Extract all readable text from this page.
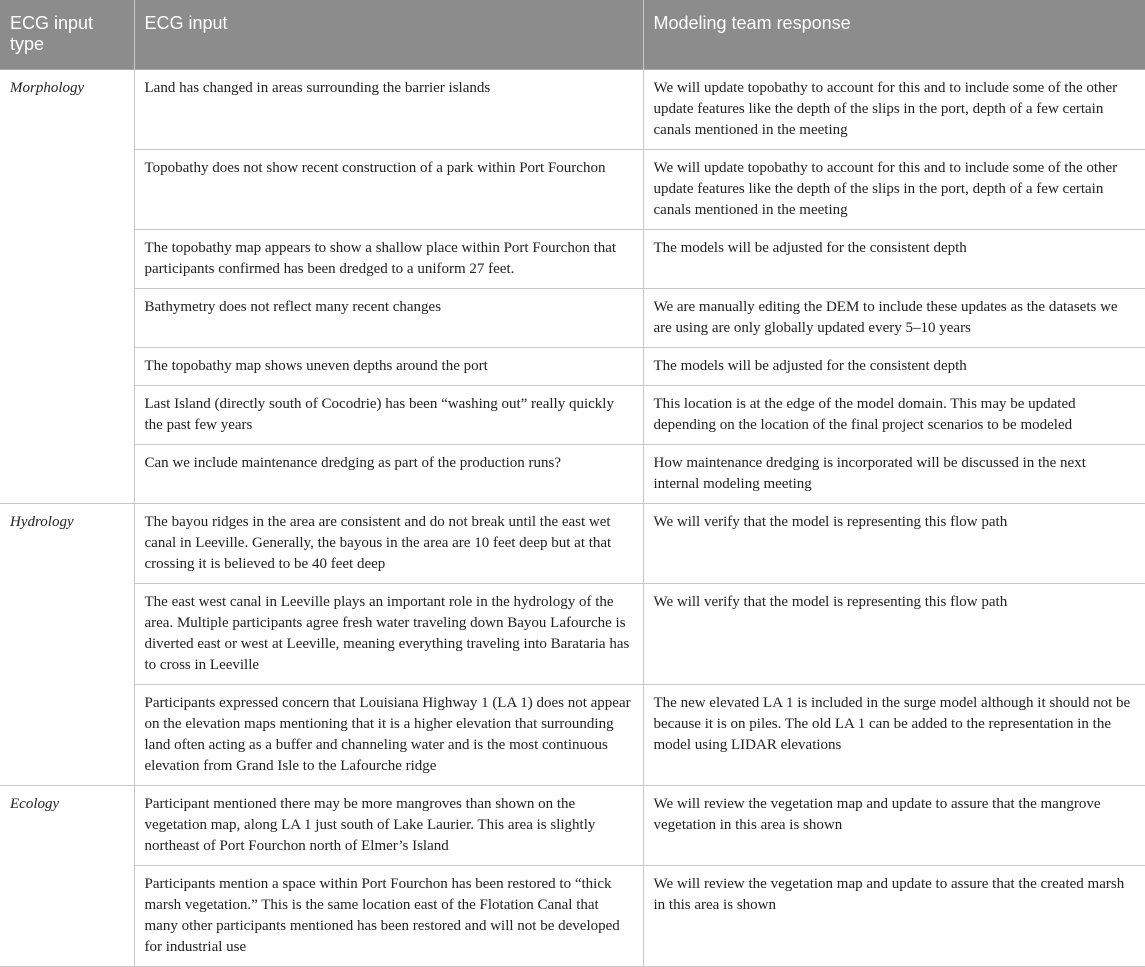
ECG input type	ECG input	Modeling team response
Morphology	Land has changed in areas surrounding the barrier islands	We will update topobathy to account for this and to include some of the other update features like the depth of the slips in the port, depth of a few certain canals mentioned in the meeting
	Topobathy does not show recent construction of a park within Port Fourchon	We will update topobathy to account for this and to include some of the other update features like the depth of the slips in the port, depth of a few certain canals mentioned in the meeting
	The topobathy map appears to show a shallow place within Port Fourchon that participants confirmed has been dredged to a uniform 27 feet.	The models will be adjusted for the consistent depth
	Bathymetry does not reflect many recent changes	We are manually editing the DEM to include these updates as the datasets we are using are only globally updated every 5–10 years
	The topobathy map shows uneven depths around the port	The models will be adjusted for the consistent depth
	Last Island (directly south of Cocodrie) has been “washing out” really quickly the past few years	This location is at the edge of the model domain. This may be updated depending on the location of the final project scenarios to be modeled
	Can we include maintenance dredging as part of the production runs?	How maintenance dredging is incorporated will be discussed in the next internal modeling meeting
Hydrology	The bayou ridges in the area are consistent and do not break until the east wet canal in Leeville. Generally, the bayous in the area are 10 feet deep but at that crossing it is believed to be 40 feet deep	We will verify that the model is representing this flow path
	The east west canal in Leeville plays an important role in the hydrology of the area. Multiple participants agree fresh water traveling down Bayou Lafourche is diverted east or west at Leeville, meaning everything traveling into Barataria has to cross in Leeville	We will verify that the model is representing this flow path
	Participants expressed concern that Louisiana Highway 1 (LA 1) does not appear on the elevation maps mentioning that it is a higher elevation that surrounding land often acting as a buffer and channeling water and is the most continuous elevation from Grand Isle to the Lafourche ridge	The new elevated LA 1 is included in the surge model although it should not be because it is on piles. The old LA 1 can be added to the representation in the model using LIDAR elevations
Ecology	Participant mentioned there may be more mangroves than shown on the vegetation map, along LA 1 just south of Lake Laurier. This area is slightly northeast of Port Fourchon north of Elmer’s Island	We will review the vegetation map and update to assure that the mangrove vegetation in this area is shown
	Participants mention a space within Port Fourchon has been restored to “thick marsh vegetation.” This is the same location east of the Flotation Canal that many other participants mentioned has been restored and will not be developed for industrial use	We will review the vegetation map and update to assure that the created marsh in this area is shown
